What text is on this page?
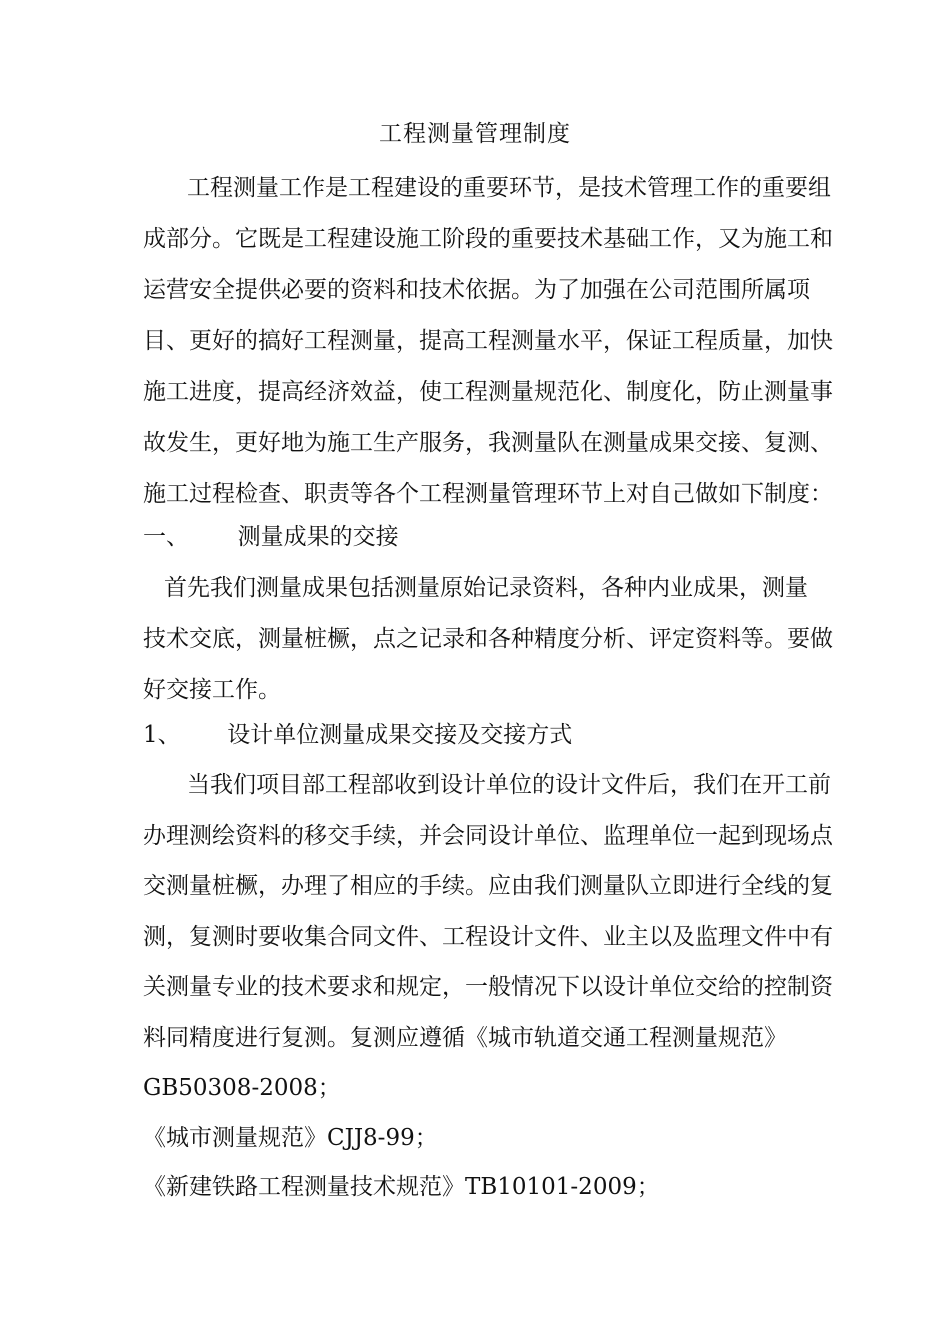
工程测量管理制度
工程测量工作是工程建设的重要环节，是技术管理工作的重要组
成部分。它既是工程建设施工阶段的重要技术基础工作，又为施工和
运营安全提供必要的资料和技术依据。为了加强在公司范围所属项
目、更好的搞好工程测量，提高工程测量水平，保证工程质量，加快
施工进度，提高经济效益，使工程测量规范化、制度化，防止测量事
故发生，更好地为施工生产服务，我测量队在测量成果交接、复测、
施工过程检查、职责等各个工程测量管理环节上对自己做如下制度：
一、 测量成果的交接
首先我们测量成果包括测量原始记录资料，各种内业成果，测量
技术交底，测量桩橛，点之记录和各种精度分析、评定资料等。要做
好交接工作。
1、 设计单位测量成果交接及交接方式
当我们项目部工程部收到设计单位的设计文件后，我们在开工前
办理测绘资料的移交手续，并会同设计单位、监理单位一起到现场点
交测量桩橛，办理了相应的手续。应由我们测量队立即进行全线的复
测，复测时要收集合同文件、工程设计文件、业主以及监理文件中有
关测量专业的技术要求和规定，一般情况下以设计单位交给的控制资
料同精度进行复测。复测应遵循《城市轨道交通工程测量规范》
GB50308-2008；
《城市测量规范》CJJ8-99；
《新建铁路工程测量技术规范》TB10101-2009；
